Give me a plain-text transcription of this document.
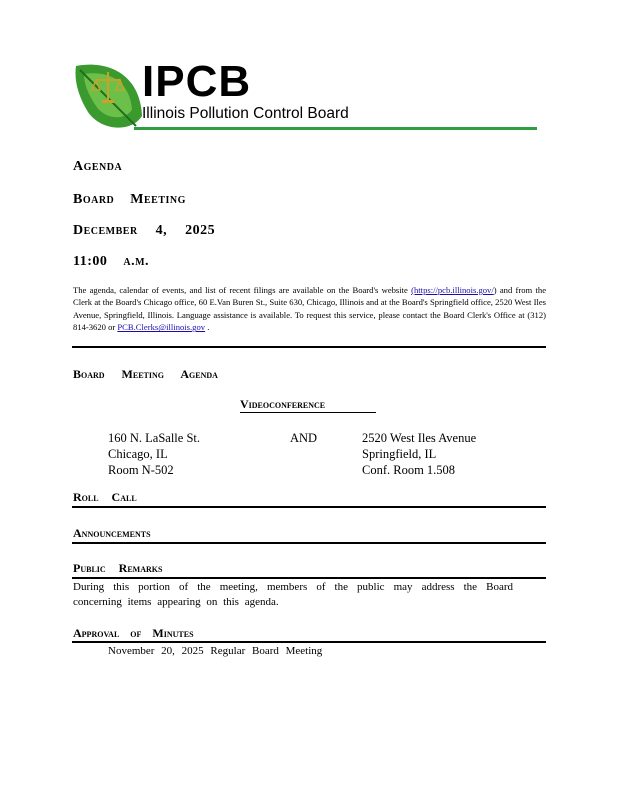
IPCB
Illinois Pollution Control Board
Agenda
Board Meeting
December 4, 2025
11:00 a.m.
The agenda, calendar of events, and list of recent filings are available on the Board's website (https://pcb.illinois.gov/) and from the Clerk at the Board's Chicago office, 60 E.Van Buren St., Suite 630, Chicago, Illinois and at the Board's Springfield office, 2520 West Iles Avenue, Springfield, Illinois. Language assistance is available. To request this service, please contact the Board Clerk's Office at (312) 814-3620 or PCB.Clerks@illinois.gov .
Board Meeting Agenda
Videoconference
160 N. LaSalle St.
Chicago, IL
Room N-502
AND	2520 West Iles Avenue
Springfield, IL
Conf. Room 1.508
Roll Call
Announcements
Public Remarks
During this portion of the meeting, members of the public may address the Board concerning items appearing on this agenda.
Approval of Minutes
November 20, 2025 Regular Board Meeting
